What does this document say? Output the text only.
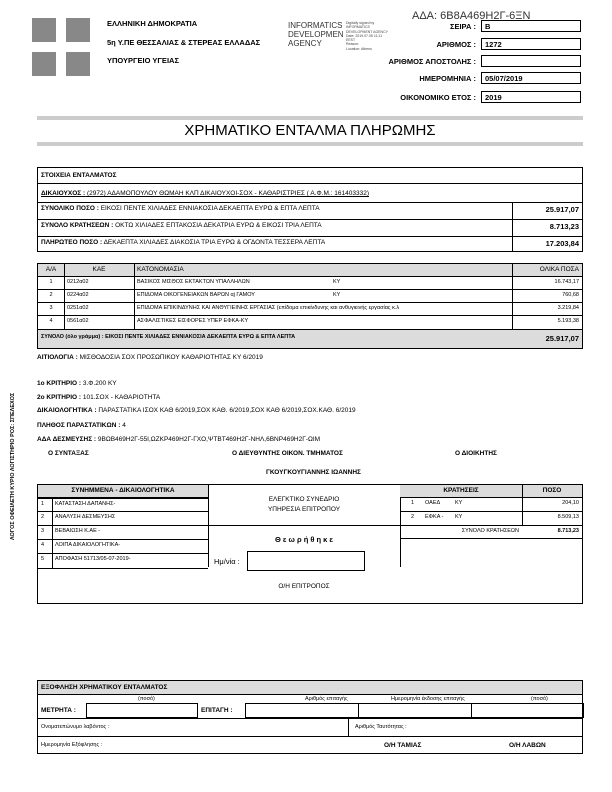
ΑΔΑ: 6Β8Α469Η2Γ-6ΞΝ
ΕΛΛΗΝΙΚΗ ΔΗΜΟΚΡΑΤΙΑ
5η Υ.ΠΕ ΘΕΣΣΑΛΙΑΣ & ΣΤΕΡΕΑΣ ΕΛΛΑΔΑΣ
ΥΠΟΥΡΓΕΙΟ ΥΓΕΙΑΣ
INFORMATICS
DEVELOPMEN
AGENCY
Digitally signed by
INFORMATICS
DEVELOPMENT AGENCY
Date: 2019.07.05 11:11
EEST
Reason:
Location: Athens
ΣΕΙΡΑ :	Β
ΑΡΙΘΜΟΣ :	1272
ΑΡΙΘΜΟΣ ΑΠΟΣΤΟΛΗΣ :
ΗΜΕΡΟΜΗΝΙΑ :	05/07/2019
ΟΙΚΟΝΟΜΙΚΟ ΕΤΟΣ :	2019
ΧΡΗΜΑΤΙΚΟ ΕΝΤΑΛΜΑ ΠΛΗΡΩΜΗΣ
ΣΤΟΙΧΕΙΑ ΕΝΤΑΛΜΑΤΟΣ
ΔΙΚΑΙΟΥΧΟΣ : (2972) ΑΔΑΜΟΠΟΥΛΟΥ ΘΩΜΑΗ ΚΛΠ ΔΙΚΑΙΟΥΧΟΙ-ΣΟΧ - ΚΑΘΑΡΙΣΤΡΙΕΣ ( Α.Φ.Μ.: 161403332)
ΣΥΝΟΛΙΚΟ ΠΟΣΟ : ΕΙΚΟΣΙ ΠΕΝΤΕ ΧΙΛΙΑΔΕΣ ΕΝΝΙΑΚΟΣΙΑ ΔΕΚΑΕΠΤΑ ΕΥΡΩ & ΕΠΤΑ ΛΕΠΤΑ	25.917,07
ΣΥΝΟΛΟ ΚΡΑΤΗΣΕΩΝ : ΟΚΤΩ ΧΙΛΙΑΔΕΣ ΕΠΤΑΚΟΣΙΑ ΔΕΚΑΤΡΙΑ ΕΥΡΩ & ΕΙΚΟΣΙ ΤΡΙΑ ΛΕΠΤΑ	8.713,23
ΠΛΗΡΩΤΕΟ ΠΟΣΟ : ΔΕΚΑΕΠΤΑ ΧΙΛΙΑΔΕΣ ΔΙΑΚΟΣΙΑ ΤΡΙΑ ΕΥΡΩ & ΟΓΔΟΝΤΑ ΤΕΣΣΕΡΑ ΛΕΠΤΑ	17.203,84
Α/Α	ΚΑΕ	ΚΑΤΟΝΟΜΑΣΙΑ	ΟΛΙΚΑ ΠΟΣΑ
1	0212α02	ΒΑΣΙΚΟΣ ΜΙΣΘΟΣ ΕΚΤΑΚΤΩΝ ΥΠΑΛΛΗΛΩΝ	ΚΥ	16.743,17
2	0224α02	ΕΠΙΔΟΜΑ ΟΙΚΟΓΕΝΕΙΑΚΩΝ ΒΑΡΩΝ αj ΓΑΜΟΥ	ΚΥ	760,68
3	0251α02	ΕΠΙΔΟΜΑ ΕΠΙΚΙΝΔΥΝΗΣ ΚΑΙ ΑΝΘΥΓΙΕΙΝΗΣ ΕΡΓΑΣΙΑΣ (επίδομα επικίνδυνης και ανθυγιεινής εργασίας κ.λ	3.219,84
4	0561α02	ΑΣΦΑΛΙΣΤΙΚΕΣ ΕΙΣΦΟΡΕΣ ΥΠΕΡ ΕΦΚΑ-ΚΥ	5.193,38
ΣΥΝΟΛΟ (όλο γράμμα) : ΕΙΚΟΣΙ ΠΕΝΤΕ ΧΙΛΙΑΔΕΣ ΕΝΝΙΑΚΟΣΙΑ ΔΕΚΑΕΠΤΑ ΕΥΡΩ & ΕΠΤΑ ΛΕΠΤΑ	25.917,07
ΑΙΤΙΟΛΟΓΙΑ : ΜΙΣΘΟΔΟΣΙΑ ΣΟΧ ΠΡΟΣΩΠΙΚΟΥ ΚΑΘΑΡΙΟΤΗΤΑΣ ΚΥ 6/2019
1ο ΚΡΙΤΗΡΙΟ : 3.Φ.200 ΚΥ
2ο ΚΡΙΤΗΡΙΟ : 101.ΣΟΧ - ΚΑΘΑΡΙΟΤΗΤΑ
ΔΙΚΑΙΟΛΟΓΗΤΙΚΑ : ΠΑΡΑΣΤΑΤΙΚΑ ΙΣΟΧ ΚΑΘ 6/2019,ΣΟΧ ΚΑΘ. 6/2019,ΣΟΧ ΚΑΘ 6/2019,ΣΟΧ.ΚΑΘ. 6/2019
ΠΛΗΘΟΣ ΠΑΡΑΣΤΑΤΙΚΩΝ : 4
ΑΔΑ ΔΕΣΜΕΥΣΗΣ : 9ΒΩΒ469Η2Γ-55Ι,ΩΖΚΡ469Η2Γ-ΓΧΟ,ΨΤΒΤ469Η2Γ-ΝΗΛ,6ΒΝΡ469Η2Γ-ΩΙΜ
Ο ΣΥΝΤΑΞΑΣ	Ο ΔΙΕΥΘΥΝΤΗΣ ΟΙΚΟΝ. ΤΜΗΜΑΤΟΣ	Ο ΔΙΟΙΚΗΤΗΣ
ΓΚΟΥΓΚΟΥΓΙΑΝΝΗΣ ΙΩΑΝΝΗΣ
ΣΥΝΗΜΜΕΝΑ - ΔΙΚΑΙΟΛΟΓΗΤΙΚΑ
1	ΚΑΤΑΣΤΑΣΗ ΔΑΠΑΝΗΣ-
2	ΑΝΑΛΥΣΗ ΔΕΣΜΕΥΣΗΣ
3	ΒΕΒΑΙΩΣΗ Κ.ΑΕ -
4	ΛΟΙΠΑ ΔΙΚΑΙΟΛΟΓΗΤΙΚΑ-
5	ΑΠΟΦΑΣΗ 51713/05-07-2019-
ΕΛΕΓΚΤΙΚΟ ΣΥΝΕΔΡΙΟ
ΥΠΗΡΕΣΙΑ ΕΠΙΤΡΟΠΟΥ
Θ ε ω ρ ή θ η κ ε
Ημ/νία :
Ο/Η ΕΠΙΤΡΟΠΟΣ
ΚΡΑΤΗΣΕΙΣ	ΠΟΣΟ
1	ΟΑΕΔ	ΚΥ	204,10
2	ΕΦΚΑ -	ΚΥ	8.509,13
ΣΥΝΟΛΟ ΚΡΑΤΗΣΕΩΝ	8.713,23
ΕΞΟΦΛΗΣΗ ΧΡΗΜΑΤΙΚΟΥ ΕΝΤΑΛΜΑΤΟΣ
Αριθμός επιταγής	Ημερομηνία έκδοσης επιταγής
(ποσό)	(ποσό)
ΜΕΤΡΗΤΑ :	ΕΠΙΤΑΓΗ :
Ονοματεπώνυμο λαβόντος :	Αριθμός Ταυτότητας :
Ημερομηνία Εξόφλησης :	Ο/Η ΤΑΜΙΑΣ	Ο/Η ΛΑΒΩΝ
ΛΟΓΟΣ ΟΦΕΙΛΕΤΗ ΚΥΡΙΟ ΛΟΓΙΣΤΗΡΙΟ ΡΟΣ: ΣΠΕΛΕΧΟΣ
